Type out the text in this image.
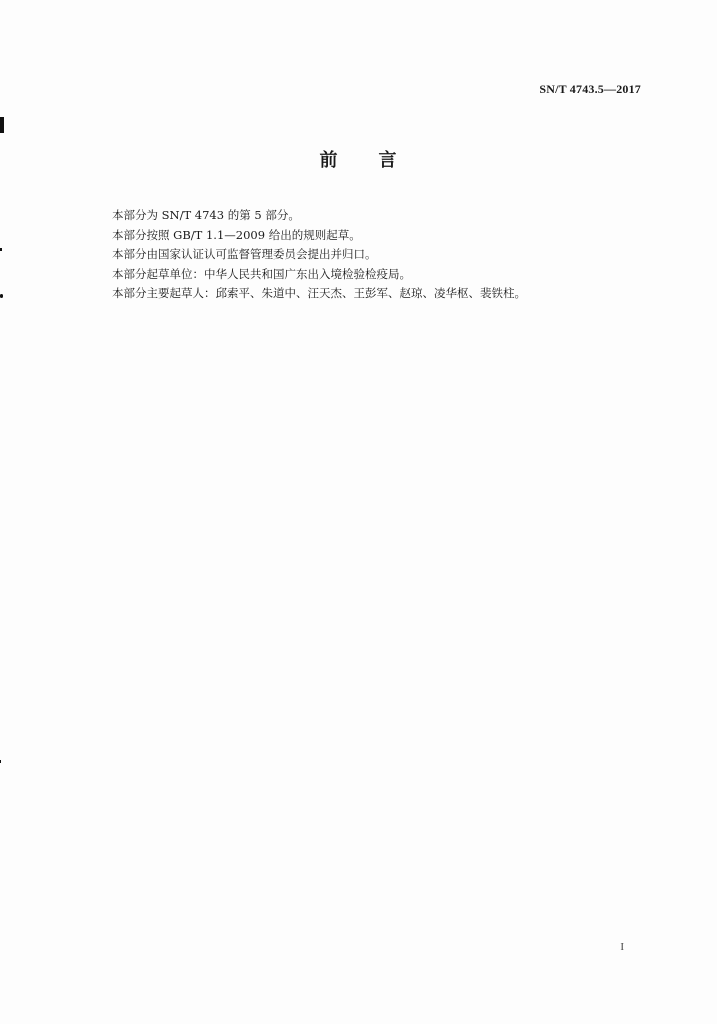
SN/T 4743.5—2017
前 言
本部分为 SN/T 4743 的第 5 部分。
本部分按照 GB/T 1.1—2009 给出的规则起草。
本部分由国家认证认可监督管理委员会提出并归口。
本部分起草单位：中华人民共和国广东出入境检验检疫局。
本部分主要起草人：邱索平、朱道中、汪天杰、王彭军、赵琼、凌华枢、裴铁柱。
I
